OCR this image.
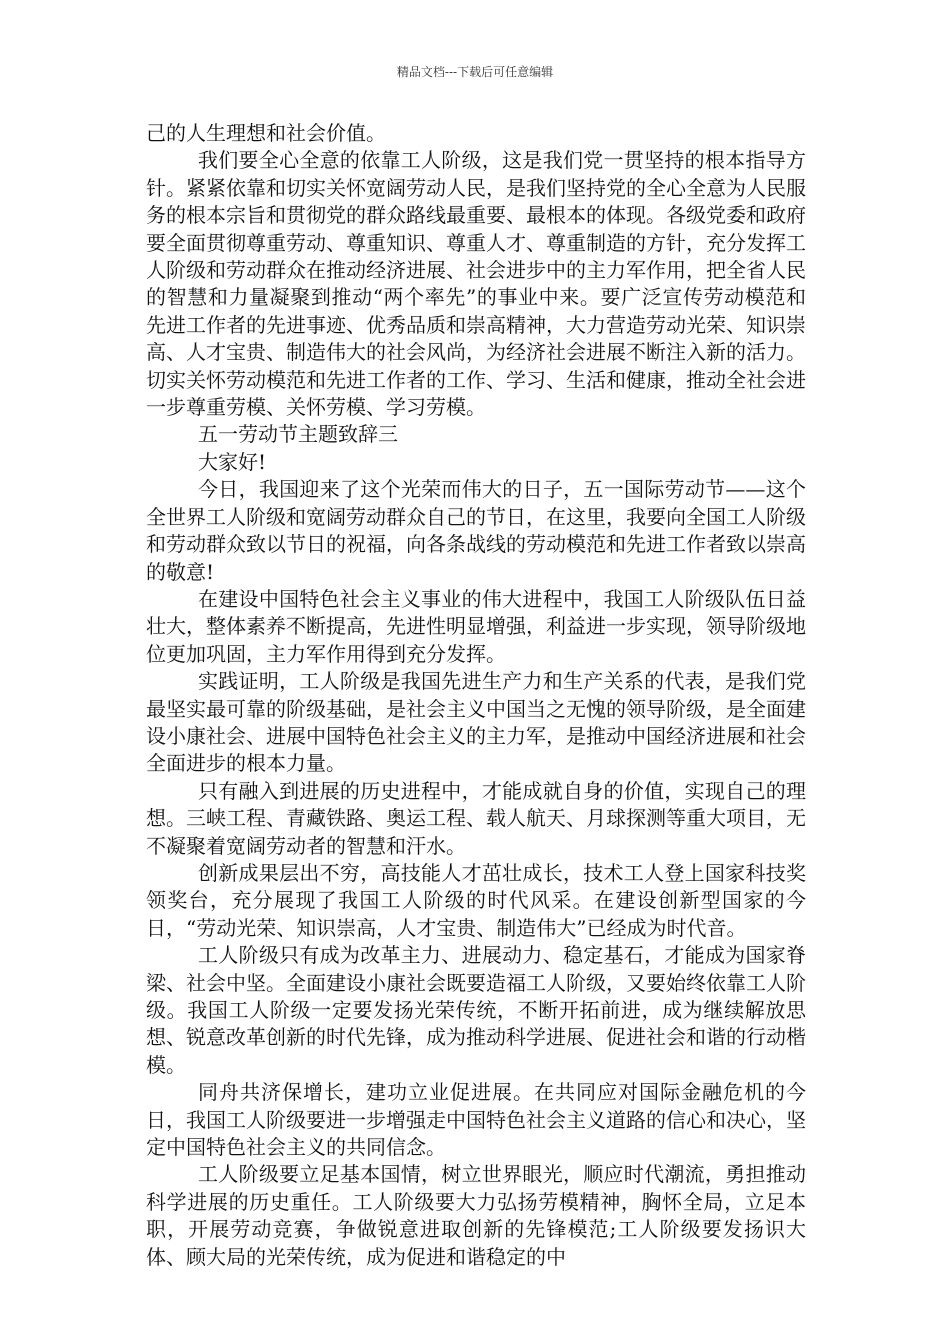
精品文档---下载后可任意编辑

己的人生理想和社会价值。

我们要全心全意的依靠工人阶级，这是我们党一贯坚持的根本指导方针。紧紧依靠和切实关怀宽阔劳动人民，是我们坚持党的全心全意为人民服务的根本宗旨和贯彻党的群众路线最重要、最根本的体现。各级党委和政府要全面贯彻尊重劳动、尊重知识、尊重人才、尊重制造的方针，充分发挥工人阶级和劳动群众在推动经济进展、社会进步中的主力军作用，把全省人民的智慧和力量凝聚到推动“两个率先”的事业中来。要广泛宣传劳动模范和先进工作者的先进事迹、优秀品质和崇高精神，大力营造劳动光荣、知识崇高、人才宝贵、制造伟大的社会风尚，为经济社会进展不断注入新的活力。切实关怀劳动模范和先进工作者的工作、学习、生活和健康，推动全社会进一步尊重劳模、关怀劳模、学习劳模。

五一劳动节主题致辞三

大家好!

今日，我国迎来了这个光荣而伟大的日子，五一国际劳动节——这个全世界工人阶级和宽阔劳动群众自己的节日，在这里，我要向全国工人阶级和劳动群众致以节日的祝福，向各条战线的劳动模范和先进工作者致以崇高的敬意!

在建设中国特色社会主义事业的伟大进程中，我国工人阶级队伍日益壮大，整体素养不断提高，先进性明显增强，利益进一步实现，领导阶级地位更加巩固，主力军作用得到充分发挥。

实践证明，工人阶级是我国先进生产力和生产关系的代表，是我们党最坚实最可靠的阶级基础，是社会主义中国当之无愧的领导阶级，是全面建设小康社会、进展中国特色社会主义的主力军，是推动中国经济进展和社会全面进步的根本力量。

只有融入到进展的历史进程中，才能成就自身的价值，实现自己的理想。三峡工程、青藏铁路、奥运工程、载人航天、月球探测等重大项目，无不凝聚着宽阔劳动者的智慧和汗水。

创新成果层出不穷，高技能人才茁壮成长，技术工人登上国家科技奖领奖台，充分展现了我国工人阶级的时代风采。在建设创新型国家的今日，“劳动光荣、知识崇高，人才宝贵、制造伟大”已经成为时代音。

工人阶级只有成为改革主力、进展动力、稳定基石，才能成为国家脊梁、社会中坚。全面建设小康社会既要造福工人阶级，又要始终依靠工人阶级。我国工人阶级一定要发扬光荣传统，不断开拓前进，成为继续解放思想、锐意改革创新的时代先锋，成为推动科学进展、促进社会和谐的行动楷模。

同舟共济保增长，建功立业促进展。在共同应对国际金融危机的今日，我国工人阶级要进一步增强走中国特色社会主义道路的信心和决心，坚定中国特色社会主义的共同信念。

工人阶级要立足基本国情，树立世界眼光，顺应时代潮流，勇担推动科学进展的历史重任。工人阶级要大力弘扬劳模精神，胸怀全局，立足本职，开展劳动竞赛，争做锐意进取创新的先锋模范;工人阶级要发扬识大体、顾大局的光荣传统，成为促进和谐稳定的中
